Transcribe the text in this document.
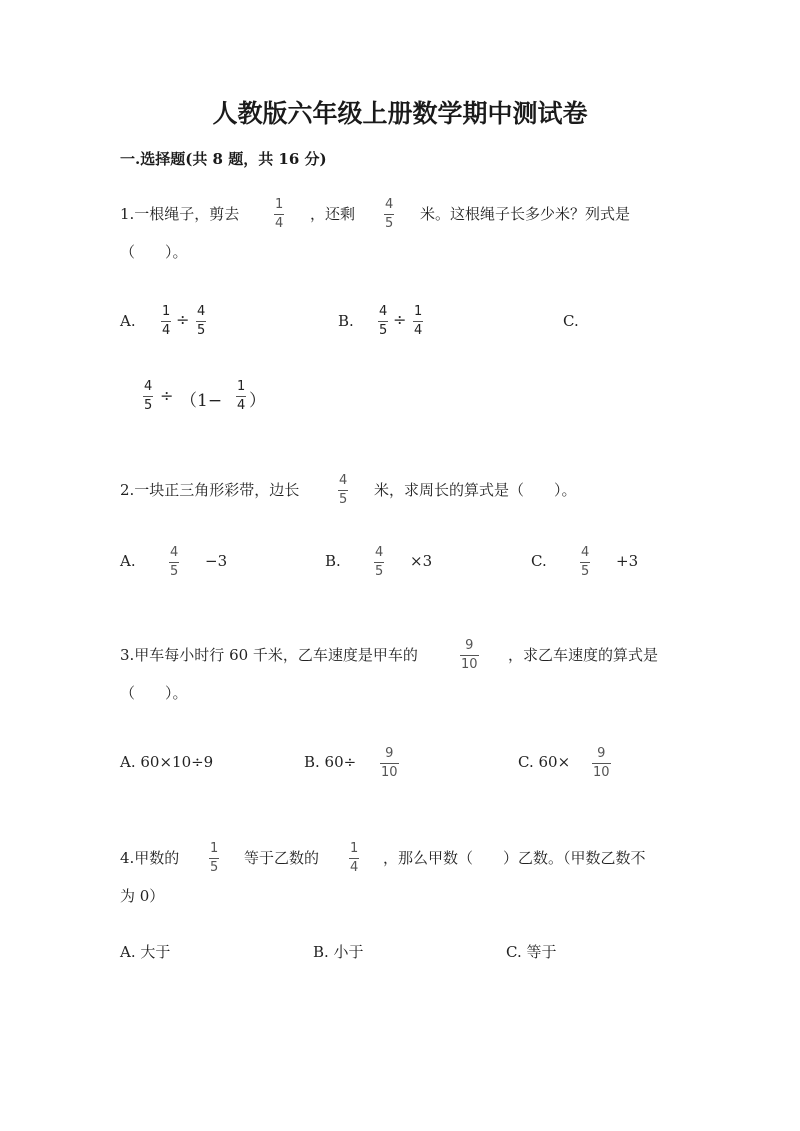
人教版六年级上册数学期中测试卷
一.选择题(共 8 题，共 16 分)
1.一根绳子，剪去
1
4
，还剩
4
5
米。这根绳子长多少米？列式是
（　　）。
A.
1
4
÷ 4
5
B.
4
5
÷ 1
4
C.
4
5
÷ （1−
1
4 ）
2.一块正三角形彩带，边长
4
5
米，求周长的算式是（　　）。
A.	4
5
−3	B.	4
5
×3	C.	4
5
+3
3.甲车每小时行 60 千米，乙车速度是甲车的
9
10
，求乙车速度的算式是
（　　）。
A. 60×10÷9	B. 60÷ 9
10
C. 60× 9
10
4.甲数的
1
5
等于乙数的
1
4
，那么甲数（　　）乙数。（甲数乙数不
为 0）
A. 大于	B. 小于	C. 等于
